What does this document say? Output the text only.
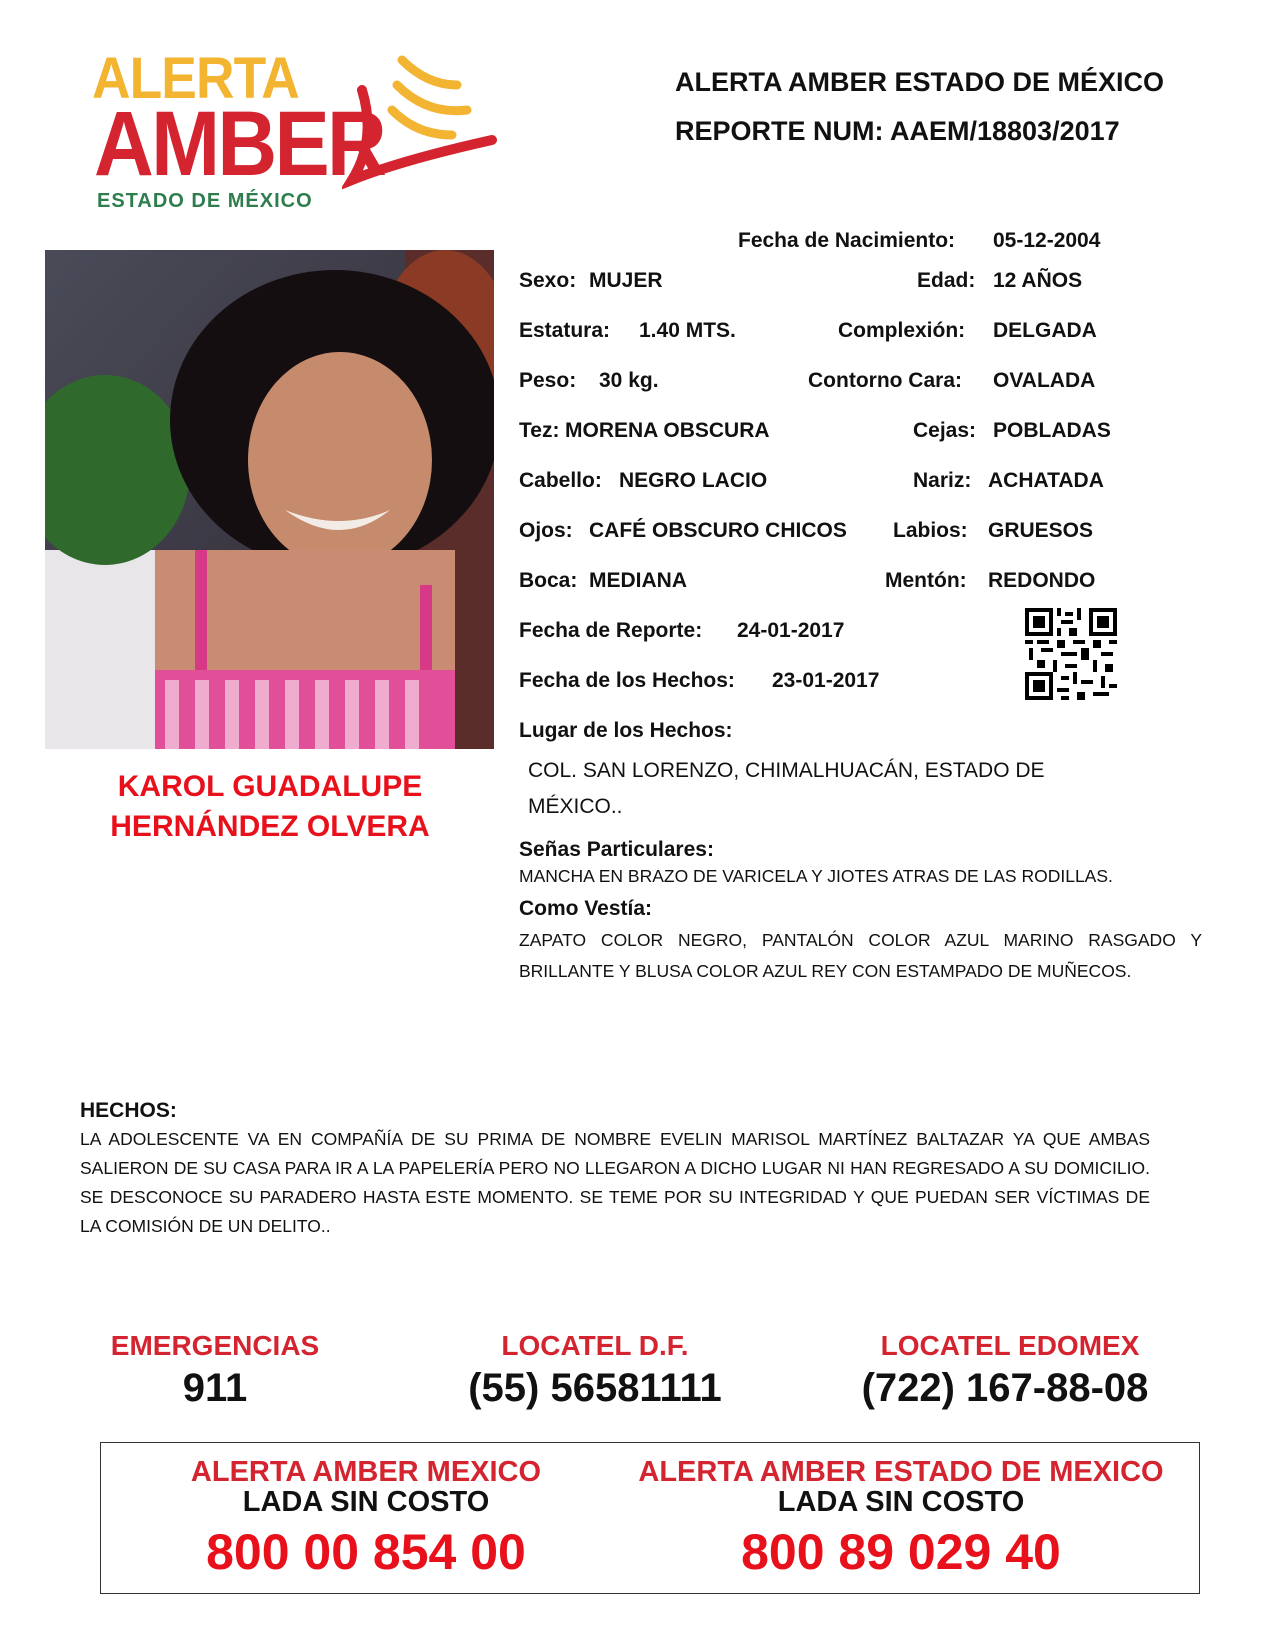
ALERTA
AMBER
ESTADO DE MÉXICO
ALERTA AMBER ESTADO DE MÉXICO
REPORTE NUM: AAEM/18803/2017
KAROL GUADALUPE
HERNÁNDEZ OLVERA
Fecha de Nacimiento: 05-12-2004
Sexo: MUJER	Edad: 12 AÑOS
Estatura: 1.40 MTS.	Complexión: DELGADA
Peso: 30 kg.	Contorno Cara: OVALADA
Tez: MORENA OBSCURA	Cejas: POBLADAS
Cabello: NEGRO LACIO	Nariz: ACHATADA
Ojos: CAFÉ OBSCURO CHICOS Labios: GRUESOS
Boca: MEDIANA	Mentón: REDONDO
Fecha de Reporte: 24-01-2017
Fecha de los Hechos: 23-01-2017
Lugar de los Hechos:
COL. SAN LORENZO, CHIMALHUACÁN, ESTADO DE MÉXICO..
Señas Particulares:
MANCHA EN BRAZO DE VARICELA Y JIOTES ATRAS DE LAS RODILLAS.
Como Vestía:
ZAPATO COLOR NEGRO, PANTALÓN COLOR AZUL MARINO RASGADO Y BRILLANTE Y BLUSA COLOR AZUL REY CON ESTAMPADO DE MUÑECOS.
HECHOS:
LA ADOLESCENTE VA EN COMPAÑÍA DE SU PRIMA DE NOMBRE EVELIN MARISOL MARTÍNEZ BALTAZAR YA QUE AMBAS SALIERON DE SU CASA PARA IR A LA PAPELERÍA PERO NO LLEGARON A DICHO LUGAR NI HAN REGRESADO A SU DOMICILIO. SE DESCONOCE SU PARADERO HASTA ESTE MOMENTO. SE TEME POR SU INTEGRIDAD Y QUE PUEDAN SER VÍCTIMAS DE LA COMISIÓN DE UN DELITO..
EMERGENCIAS
911
LOCATEL D.F.
(55) 56581111
LOCATEL EDOMEX
(722) 167-88-08
ALERTA AMBER MEXICO
LADA SIN COSTO
800 00 854 00
ALERTA AMBER ESTADO DE MEXICO
LADA SIN COSTO
800 89 029 40
